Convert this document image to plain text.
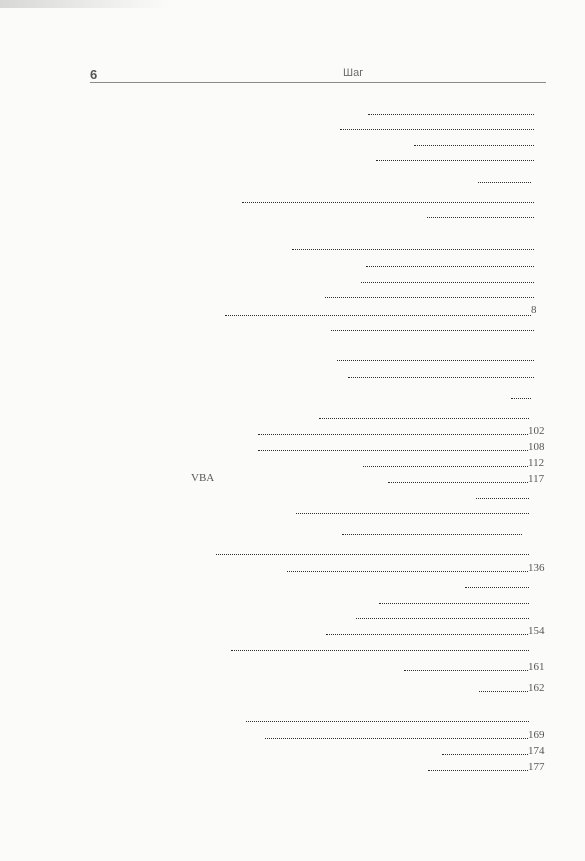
6	Шаг
8
102
108
112
VBA	117
136
154
161
162
169
174
177
